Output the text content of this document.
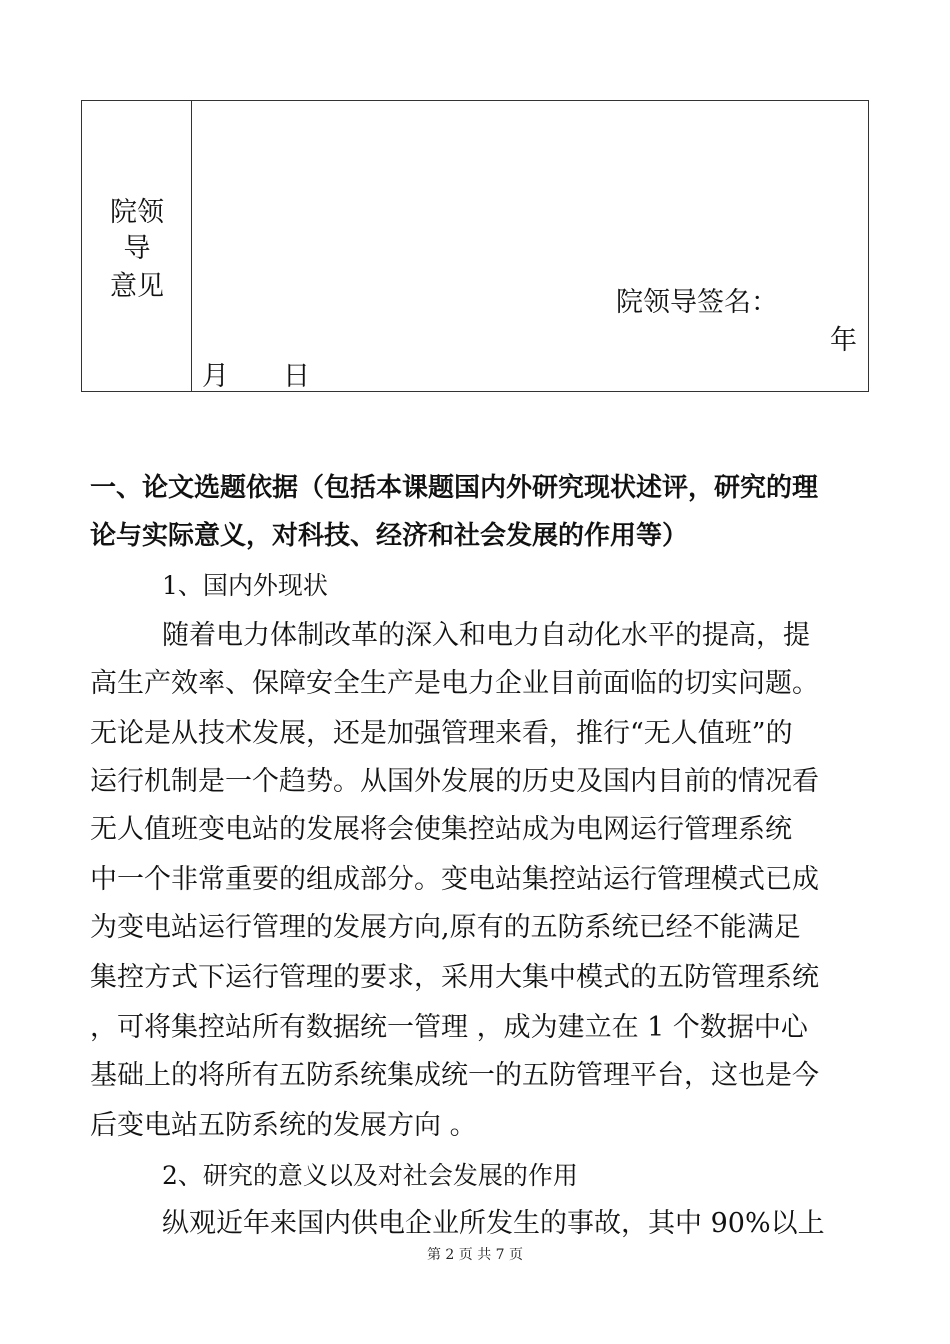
院领
导
意见
院领导签名：
年
月　　日
一、论文选题依据（包括本课题国内外研究现状述评，研究的理
论与实际意义，对科技、经济和社会发展的作用等）
1、国内外现状
随着电力体制改革的深入和电力自动化水平的提高，提
高生产效率、保障安全生产是电力企业目前面临的切实问题。
无论是从技术发展，还是加强管理来看，推行“无人值班”的
运行机制是一个趋势。从国外发展的历史及国内目前的情况看
无人值班变电站的发展将会使集控站成为电网运行管理系统
中一个非常重要的组成部分。变电站集控站运行管理模式已成
为变电站运行管理的发展方向,原有的五防系统已经不能满足
集控方式下运行管理的要求，采用大集中模式的五防管理系统
，可将集控站所有数据统一管理 ，成为建立在 1 个数据中心
基础上的将所有五防系统集成统一的五防管理平台，这也是今
后变电站五防系统的发展方向 。
2、研究的意义以及对社会发展的作用
纵观近年来国内供电企业所发生的事故，其中 90%以上
第 2 页 共 7 页
